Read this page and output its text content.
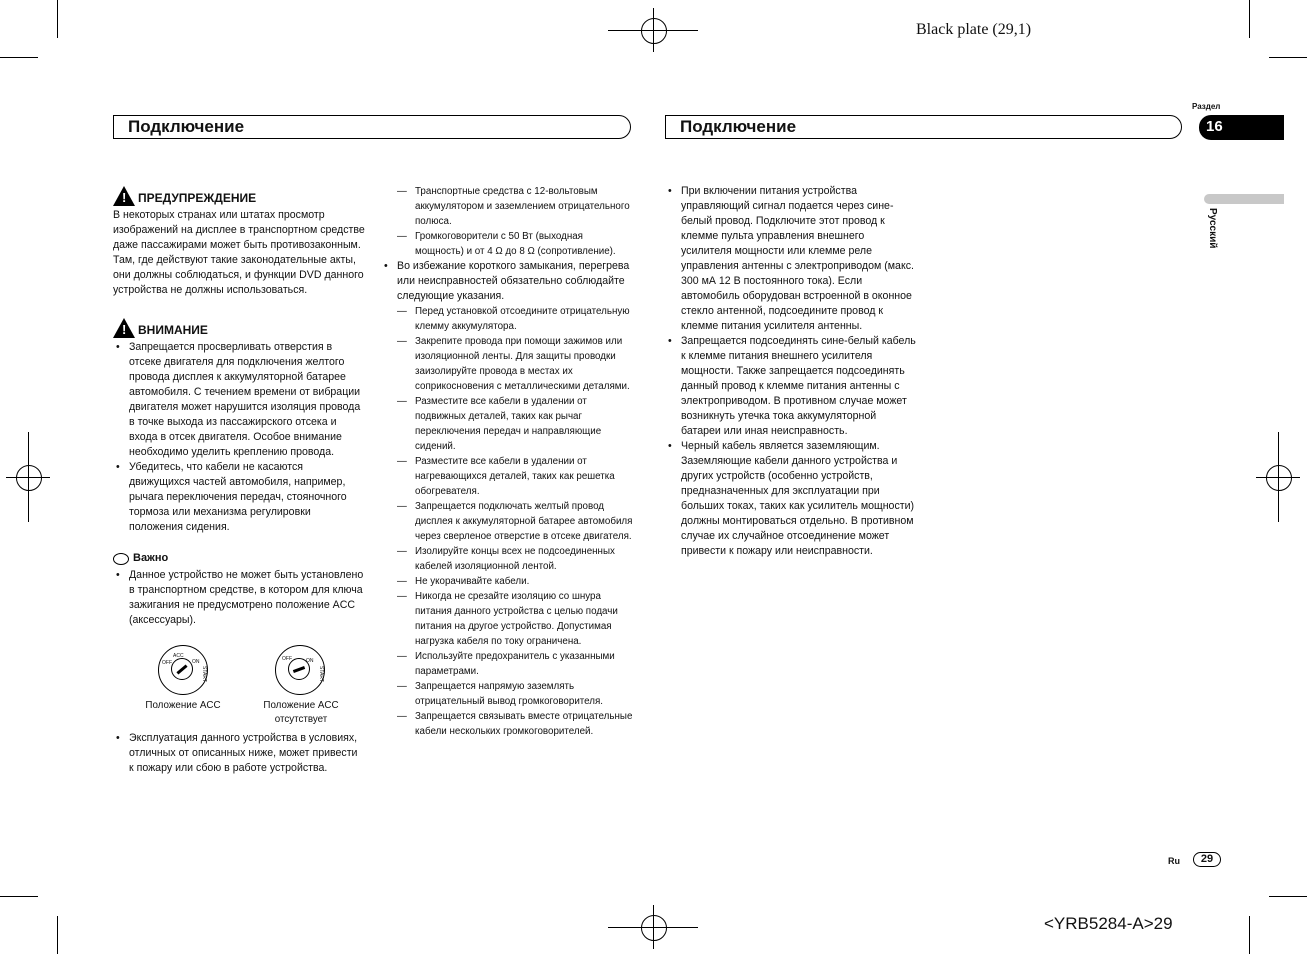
Black plate (29,1)
<YRB5284-A>29
Подключение	Подключение
Раздел
16
Русский
Ru	29
!
ПРЕДУПРЕЖДЕНИЕ

В некоторых странах или штатах просмотр изображений на дисплее в транспортном средстве даже пассажирами может быть противозаконным. Там, где действуют такие законодательные акты, они должны соблюдаться, и функции DVD данного устройства не должны использоваться.

!
ВНИМАНИЕ
• Запрещается просверливать отверстия в отсеке двигателя для подключения желтого провода дисплея к аккумуляторной батарее автомобиля. С течением времени от вибрации двигателя может нарушится изоляция провода в точке выхода из пассажирского отсека и входа в отсек двигателя. Особое внимание необходимо уделить креплению провода.
• Убедитесь, что кабели не касаются движущихся частей автомобиля, например, рычага переключения передач, стояночного тормоза или механизма регулировки положения сидения.
Важно
• Данное устройство не может быть установлено в транспортном средстве, в котором для ключа зажигания не предусмотрено положение ACC (аксессуары).
ACC
ON
START
OFF
OFF	ON
START
Положение ACC	Положение ACC отсутствует
• Эксплуатация данного устройства в условиях, отличных от описанных ниже, может привести к пожару или сбою в работе устройства.
— Транспортные средства с 12-вольтовым аккумулятором и заземлением отрицательного полюса.
— Громкоговорители с 50 Вт (выходная мощность) и от 4 Ω до 8 Ω (сопротивление).
• Во избежание короткого замыкания, перегрева или неисправностей обязательно соблюдайте следующие указания.
— Перед установкой отсоедините отрицательную клемму аккумулятора.
— Закрепите провода при помощи зажимов или изоляционной ленты. Для защиты проводки заизолируйте провода в местах их соприкосновения с металлическими деталями.
— Разместите все кабели в удалении от подвижных деталей, таких как рычаг переключения передач и направляющие сидений.
— Разместите все кабели в удалении от нагревающихся деталей, таких как решетка обогревателя.
— Запрещается подключать желтый провод дисплея к аккумуляторной батарее автомобиля через сверленое отверстие в отсеке двигателя.
— Изолируйте концы всех не подсоединенных кабелей изоляционной лентой.
— Не укорачивайте кабели.
— Никогда не срезайте изоляцию со шнура питания данного устройства с целью подачи питания на другое устройство. Допустимая нагрузка кабеля по току ограничена.
— Используйте предохранитель с указанными параметрами.
— Запрещается напрямую заземлять отрицательный вывод громкоговорителя.
— Запрещается связывать вместе отрицательные кабели нескольких громкоговорителей.
• При включении питания устройства управляющий сигнал подается через сине-белый провод. Подключите этот провод к клемме пульта управления внешнего усилителя мощности или клемме реле управления антенны с электроприводом (макс. 300 мА 12 В постоянного тока). Если автомобиль оборудован встроенной в оконное стекло антенной, подсоедините провод к клемме питания усилителя антенны.
• Запрещается подсоединять сине-белый кабель к клемме питания внешнего усилителя мощности. Также запрещается подсоединять данный провод к клемме питания антенны с электроприводом. В противном случае может возникнуть утечка тока аккумуляторной батареи или иная неисправность.
• Черный кабель является заземляющим. Заземляющие кабели данного устройства и других устройств (особенно устройств, предназначенных для эксплуатации при больших токах, таких как усилитель мощности) должны монтироваться отдельно. В противном случае их случайное отсоединение может привести к пожару или неисправности.
